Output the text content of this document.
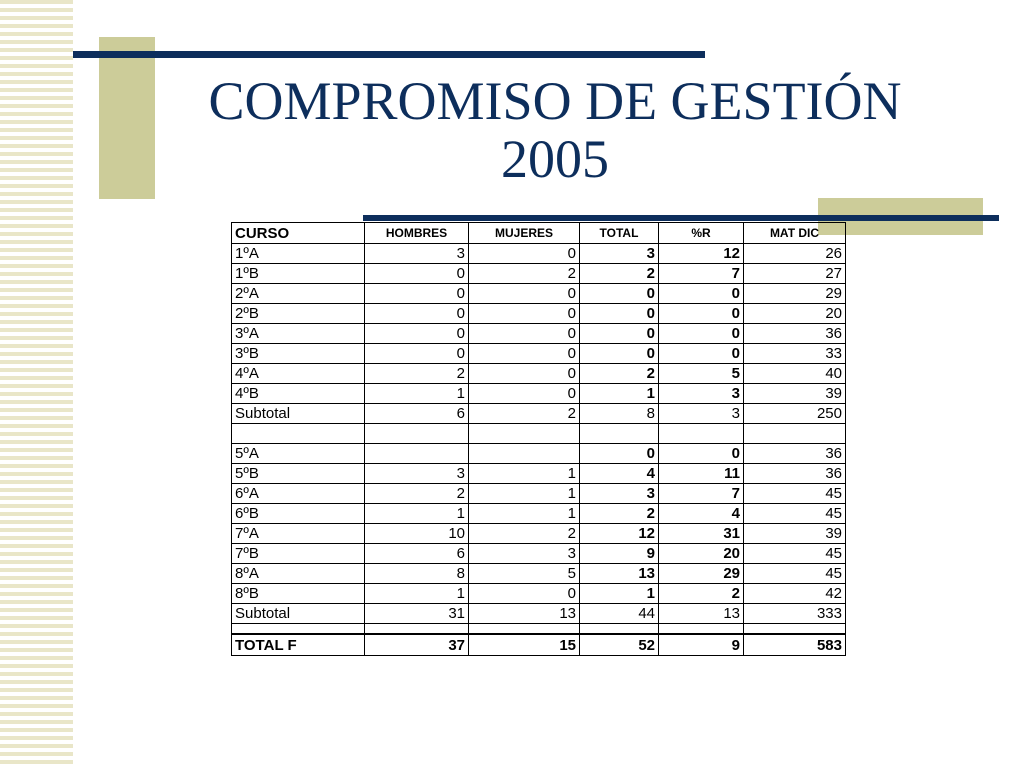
COMPROMISO DE GESTIÓN
2005
CURSO	HOMBRES	MUJERES	TOTAL	%R	MAT DIC
1ºA	3	0	3	12	26
1ºB	0	2	2	7	27
2ºA	0	0	0	0	29
2ºB	0	0	0	0	20
3ºA	0	0	0	0	36
3ºB	0	0	0	0	33
4ºA	2	0	2	5	40
4ºB	1	0	1	3	39
Subtotal	6	2	8	3	250

5ºA			0	0	36
5ºB	3	1	4	11	36
6ºA	2	1	3	7	45
6ºB	1	1	2	4	45
7ºA	10	2	12	31	39
7ºB	6	3	9	20	45
8ºA	8	5	13	29	45
8ºB	1	0	1	2	42
Subtotal	31	13	44	13	333

TOTAL F	37	15	52	9	583
